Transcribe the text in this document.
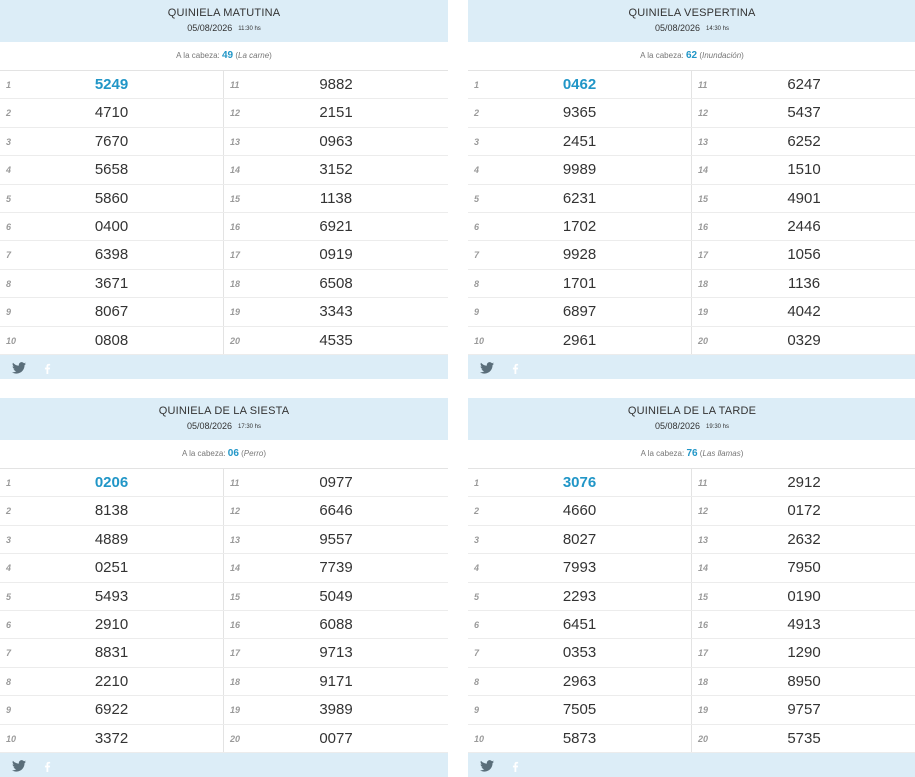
QUINIELA MATUTINA
05/08/2026 11:30 hs
A la cabeza: 49 (La carne)
1	5249	11	9882
2	4710	12	2151
3	7670	13	0963
4	5658	14	3152
5	5860	15	1138
6	0400	16	6921
7	6398	17	0919
8	3671	18	6508
9	8067	19	3343
10	0808	20	4535
QUINIELA VESPERTINA
05/08/2026 14:30 hs
A la cabeza: 62 (Inundación)
1	0462	11	6247
2	9365	12	5437
3	2451	13	6252
4	9989	14	1510
5	6231	15	4901
6	1702	16	2446
7	9928	17	1056
8	1701	18	1136
9	6897	19	4042
10	2961	20	0329
QUINIELA DE LA SIESTA
05/08/2026 17:30 hs
A la cabeza: 06 (Perro)
1	0206	11	0977
2	8138	12	6646
3	4889	13	9557
4	0251	14	7739
5	5493	15	5049
6	2910	16	6088
7	8831	17	9713
8	2210	18	9171
9	6922	19	3989
10	3372	20	0077
QUINIELA DE LA TARDE
05/08/2026 19:30 hs
A la cabeza: 76 (Las llamas)
1	3076	11	2912
2	4660	12	0172
3	8027	13	2632
4	7993	14	7950
5	2293	15	0190
6	6451	16	4913
7	0353	17	1290
8	2963	18	8950
9	7505	19	9757
10	5873	20	5735
